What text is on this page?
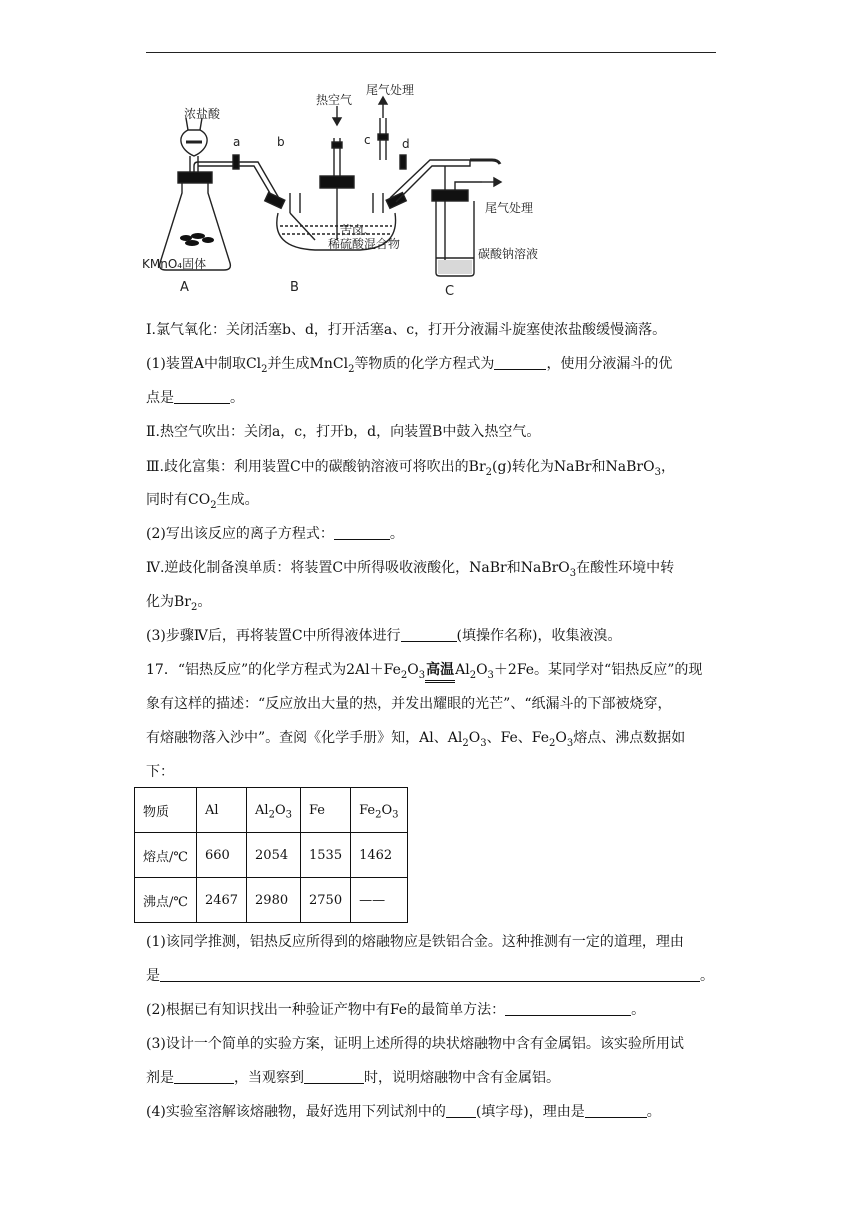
浓盐酸
热空气
尾气处理
尾气处理
KMnO₄固体
苦卤、
稀硫酸混合物
碳酸钠溶液
a	b	c	d
A	B	C
Ⅰ.氯气氧化：关闭活塞b、d，打开活塞a、c，打开分液漏斗旋塞使浓盐酸缓慢滴落。
(1)装置A中制取$Cl_2$并生成MnCl$_2$等物质的化学方程式为	，使用分液漏斗的优
点是	。
Ⅱ.热空气吹出：关闭a，c，打开b，d，向装置B中鼓入热空气。
Ⅲ.歧化富集：利用装置C中的碳酸钠溶液可将吹出的$Br_2(g)$转化为NaBr和NaBrO$_3$，
同时有$CO_2$生成。
(2)写出该反应的离子方程式：	。
Ⅳ.逆歧化制备溴单质：将装置C中所得吸收液酸化，NaBr和NaBrO$_3$在酸性环境中转
化为$Br_2$。
(3)步骤Ⅳ后，再将装置C中所得液体进行	(填操作名称)，收集液溴。
17．“铝热反应”的化学方程式为$2Al+Fe_2O_3$高温$Al_2O_3+2Fe$。某同学对“铝热反应”的现
象有这样的描述：“反应放出大量的热，并发出耀眼的光芒”、“纸漏斗的下部被烧穿，
有熔融物落入沙中”。查阅《化学手册》知，Al、$Al_2O_3$、Fe、$Fe_2O_3$熔点、沸点数据如
下：
物质	Al	$Al_2O_3$	Fe	$Fe_2O_3$
熔点/℃	660	2054	1535	1462
沸点/℃	2467	2980	2750	——
(1)该同学推测，铝热反应所得到的熔融物应是铁铝合金。这种推测有一定的道理，理由
是	。
(2)根据已有知识找出一种验证产物中有Fe的最简单方法：	。
(3)设计一个简单的实验方案，证明上述所得的块状熔融物中含有金属铝。该实验所用试
剂是	，当观察到	时，说明熔融物中含有金属铝。
(4)实验室溶解该熔融物，最好选用下列试剂中的 (填字母)，理由是	。
